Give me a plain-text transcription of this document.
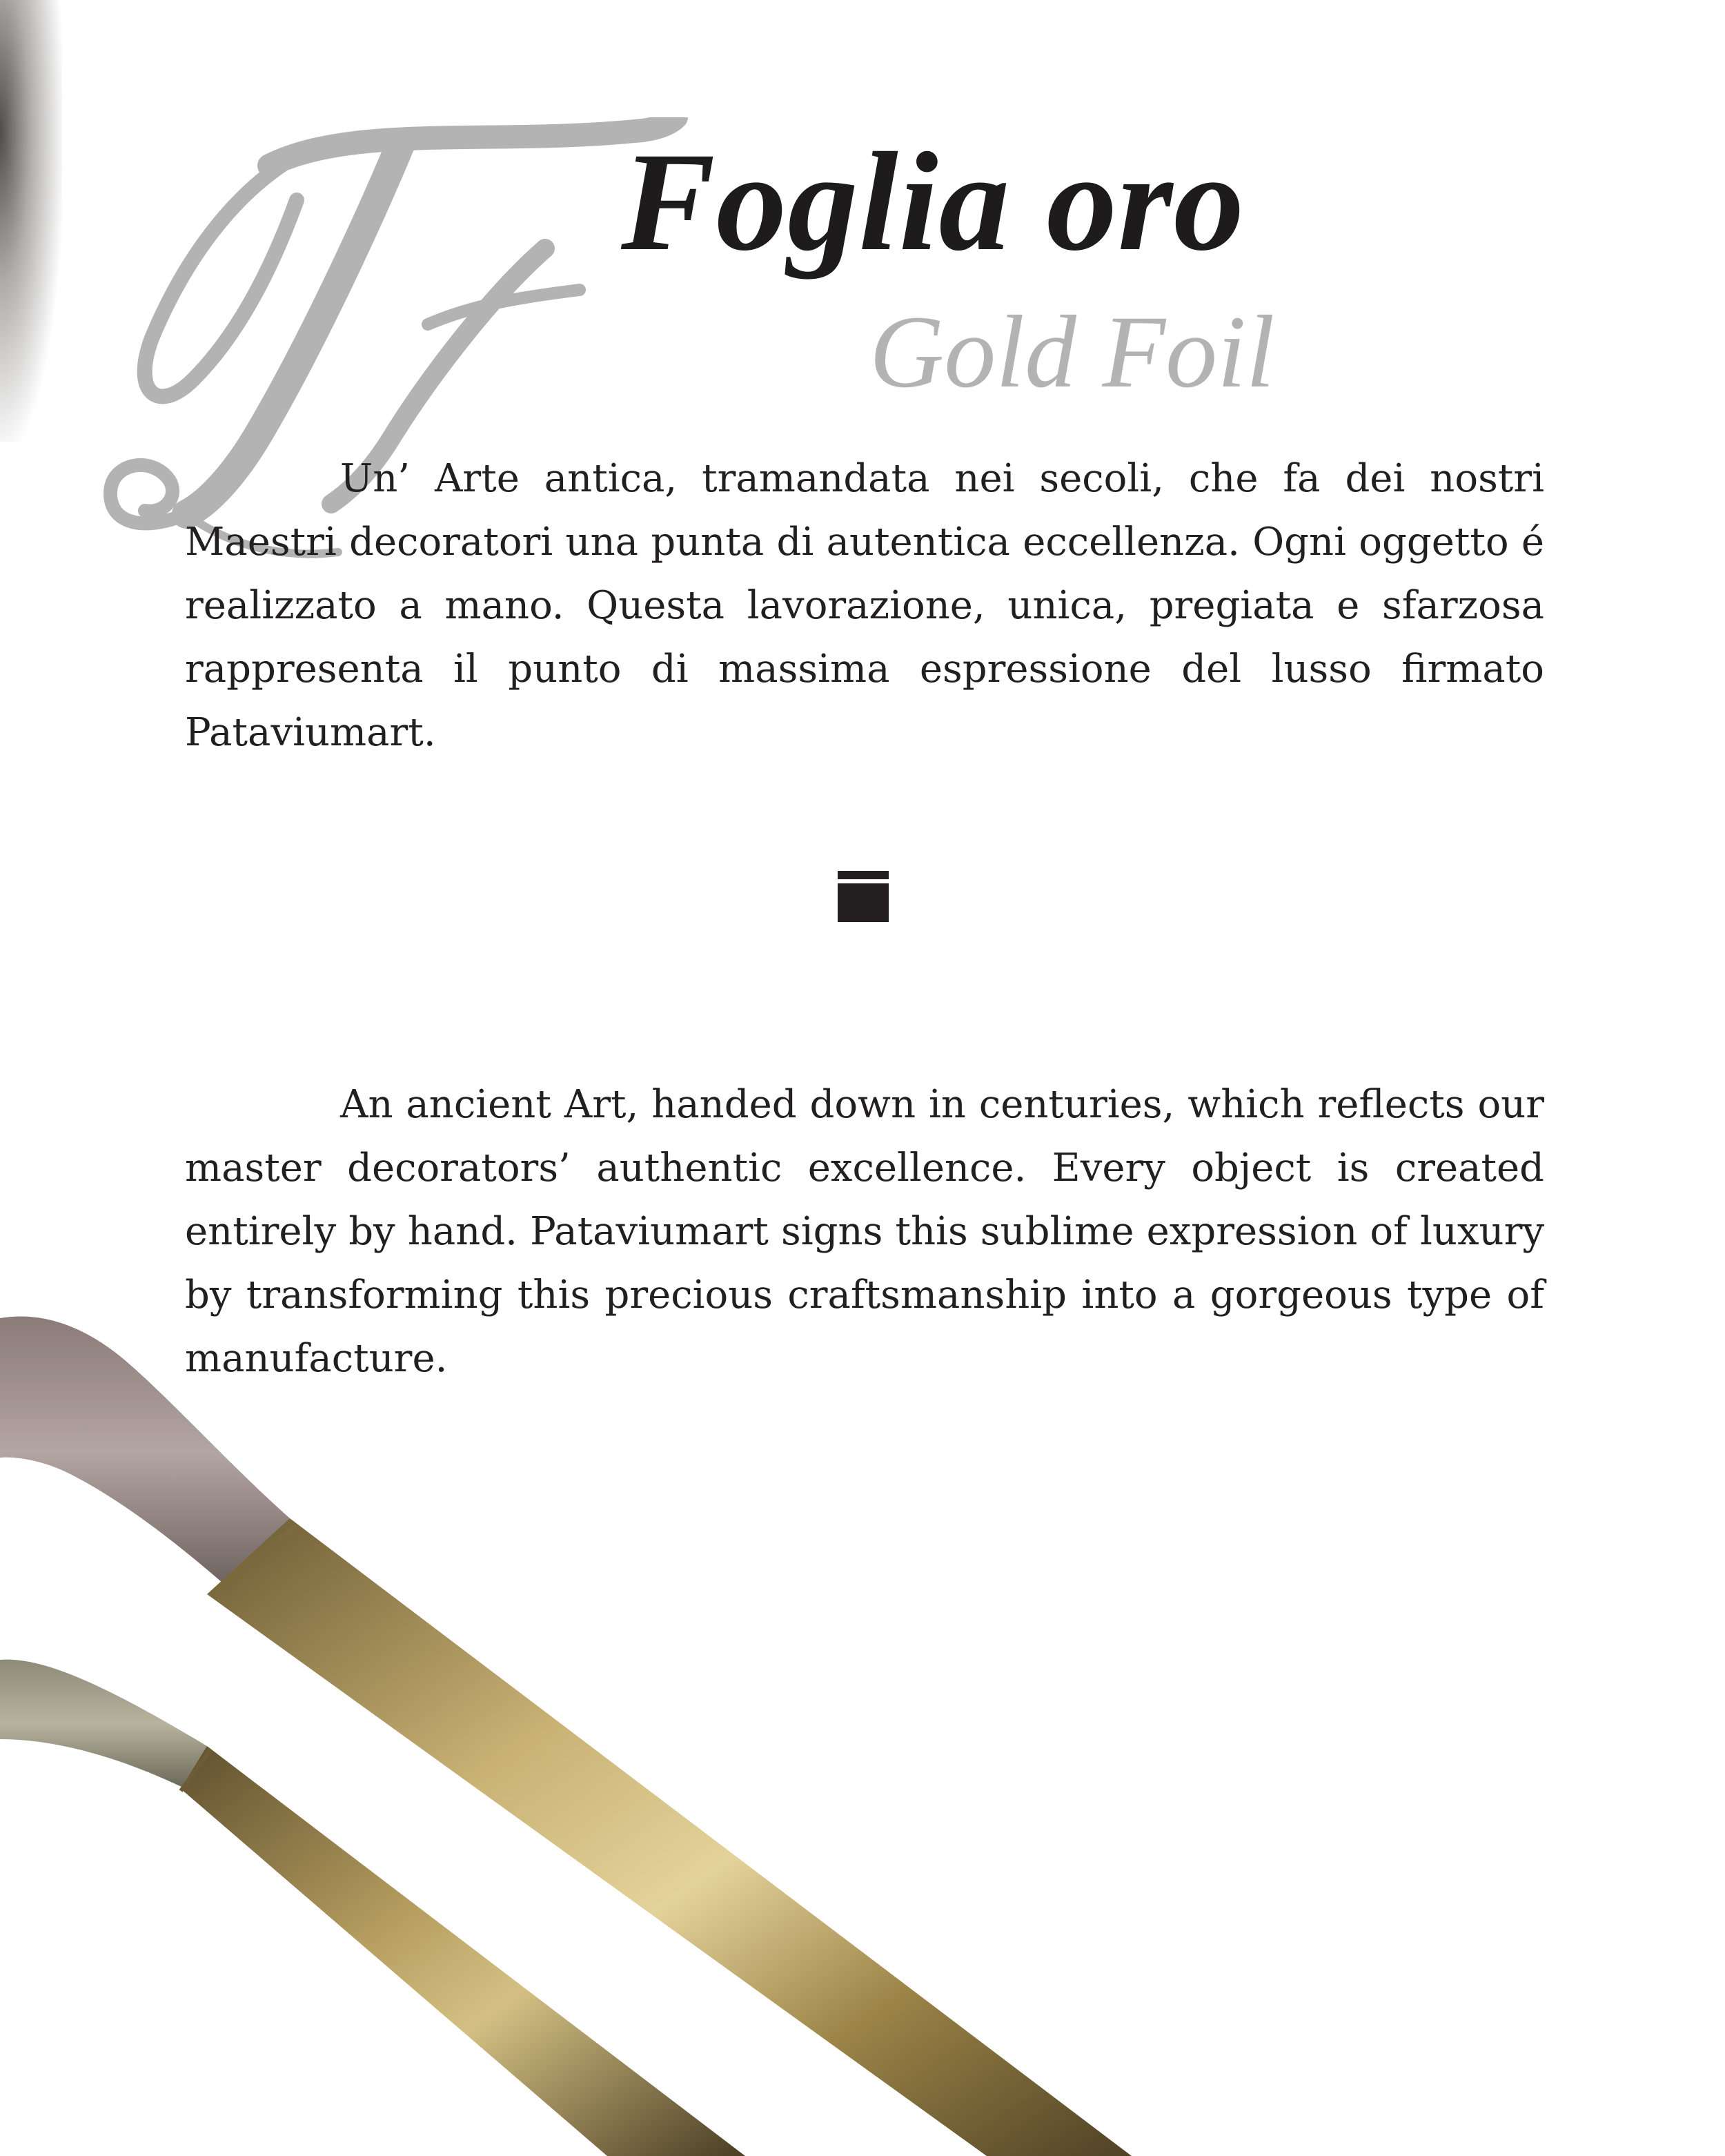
Foglia oro
Gold Foil

Un’ Arte antica, tramandata nei secoli, che fa dei nostri Maestri decoratori una punta di autentica eccellenza. Ogni oggetto é realizzato a mano. Questa lavorazione, unica, pregiata e sfarzosa rappresenta il punto di massima espressione del lusso firmato Pataviumart.

An ancient Art, handed down in centuries, which reflects our master decorators’ authentic excellence. Every object is created entirely by hand. Pataviumart signs this sublime expression of luxury by transforming this precious craftsmanship into a gorgeous type of manufacture.
